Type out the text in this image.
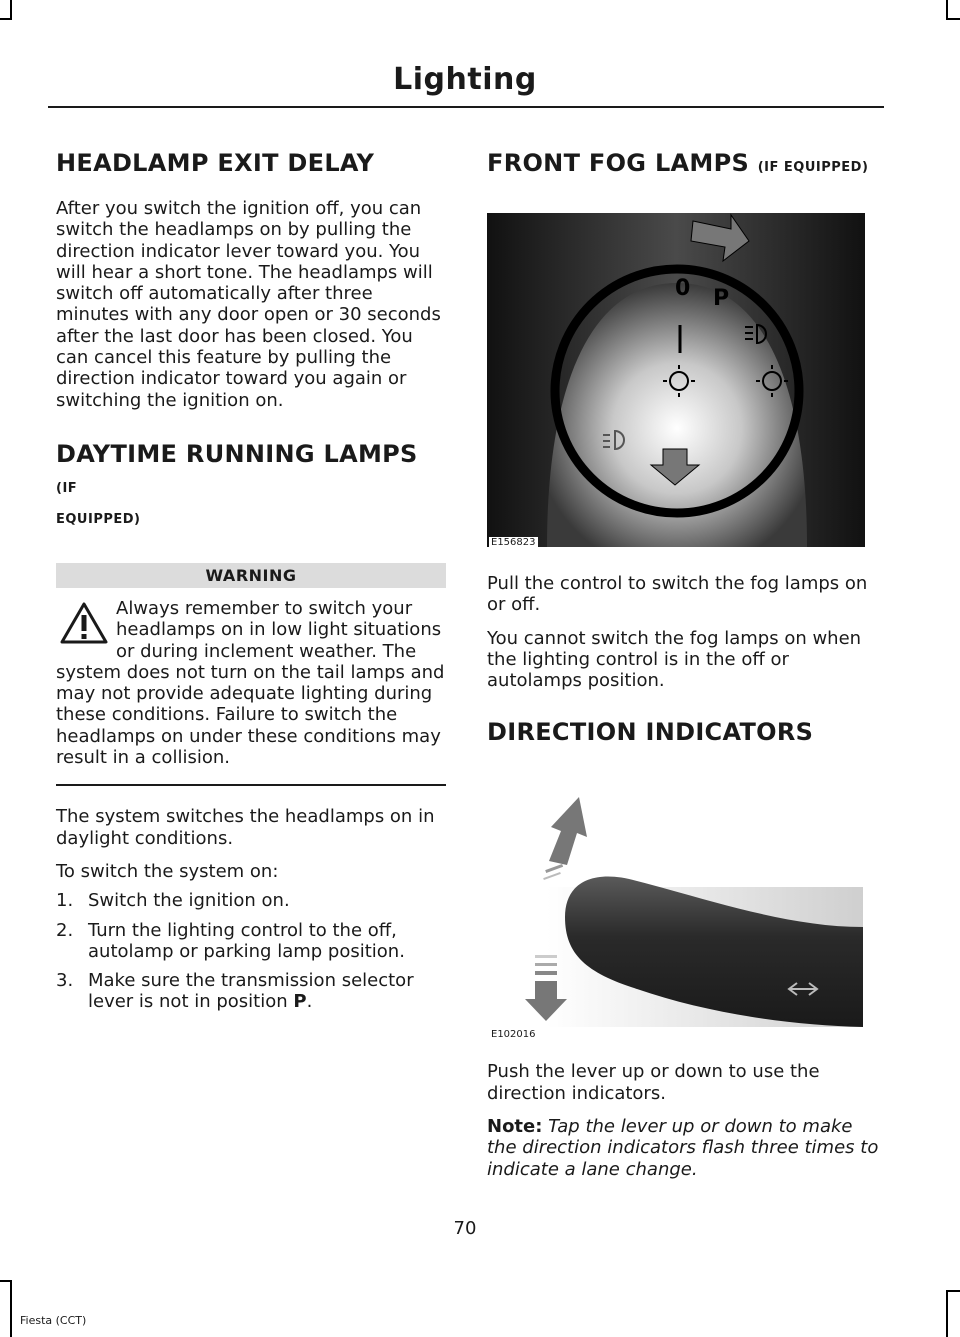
Lighting
HEADLAMP EXIT DELAY

After you switch the ignition off, you can switch the headlamps on by pulling the direction indicator lever toward you. You will hear a short tone. The headlamps will switch off automatically after three minutes with any door open or 30 seconds after the last door has been closed. You can cancel this feature by pulling the direction indicator toward you again or switching the ignition on.

DAYTIME RUNNING LAMPS (IF
EQUIPPED)
WARNING
Always remember to switch your headlamps on in low light situations or during inclement weather. The system does not turn on the tail lamps and may not provide adequate lighting during these conditions. Failure to switch the headlamps on under these conditions may result in a collision.

The system switches the headlamps on in daylight conditions.

To switch the system on:

1. Switch the ignition on.
2. Turn the lighting control to the off, autolamp or parking lamp position.
3. Make sure the transmission selector lever is not in position P.
FRONT FOG LAMPS (IF EQUIPPED)
0 P
E156823

Pull the control to switch the fog lamps on or off.

You cannot switch the fog lamps on when the lighting control is in the off or autolamps position.

DIRECTION INDICATORS
E102016

Push the lever up or down to use the direction indicators.

Note: Tap the lever up or down to make the direction indicators flash three times to indicate a lane change.

70
Fiesta (CCT)
